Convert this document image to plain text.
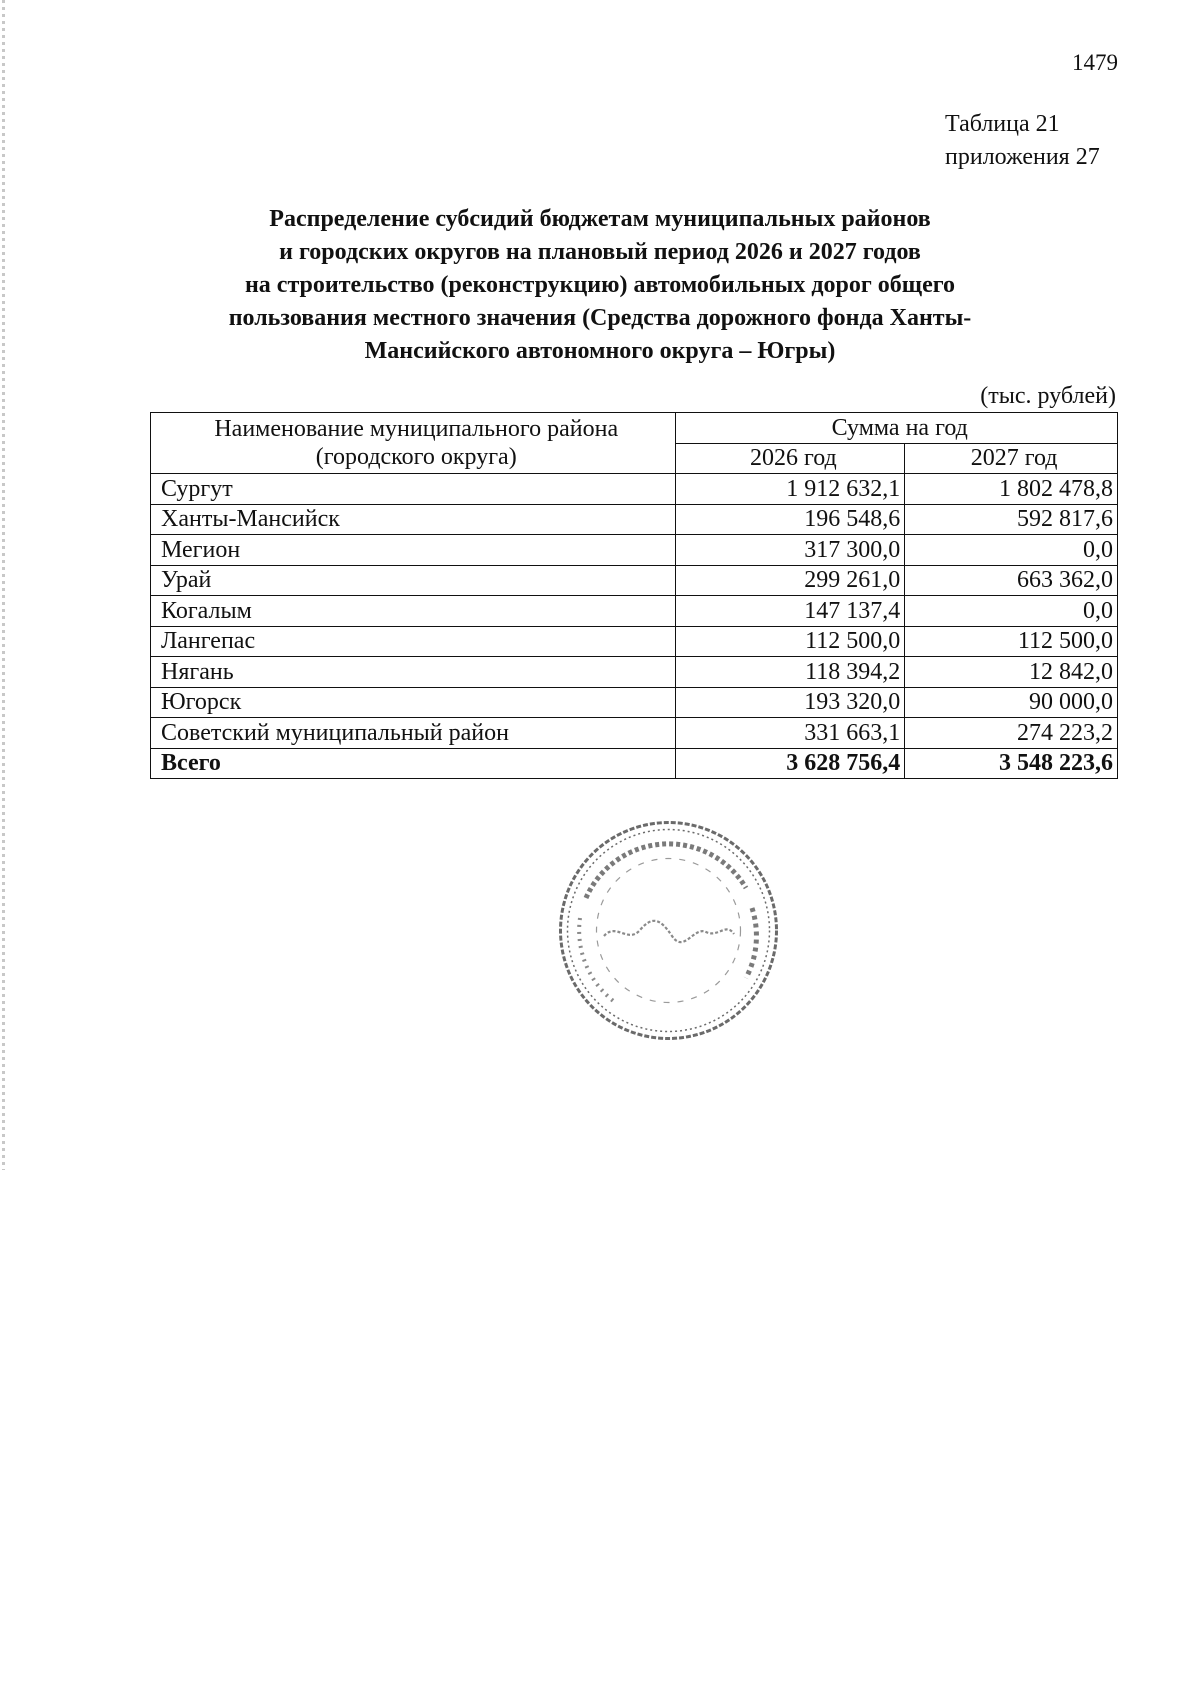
1479
Таблица 21
приложения 27
Распределение субсидий бюджетам муниципальных районов
и городских округов на плановый период 2026 и 2027 годов
на строительство (реконструкцию) автомобильных дорог общего
пользования местного значения (Средства дорожного фонда Ханты-
Мансийского автономного округа – Югры)
(тыс. рублей)
Наименование муниципального района
(городского округа)	Сумма на год	
	2026 год	2027 год
Сургут	1 912 632,1	1 802 478,8
Ханты-Мансийск	196 548,6	592 817,6
Мегион	317 300,0	0,0
Урай	299 261,0	663 362,0
Когалым	147 137,4	0,0
Лангепас	112 500,0	112 500,0
Нягань	118 394,2	12 842,0
Югорск	193 320,0	90 000,0
Советский муниципальный район	331 663,1	274 223,2
Всего	3 628 756,4	3 548 223,6
